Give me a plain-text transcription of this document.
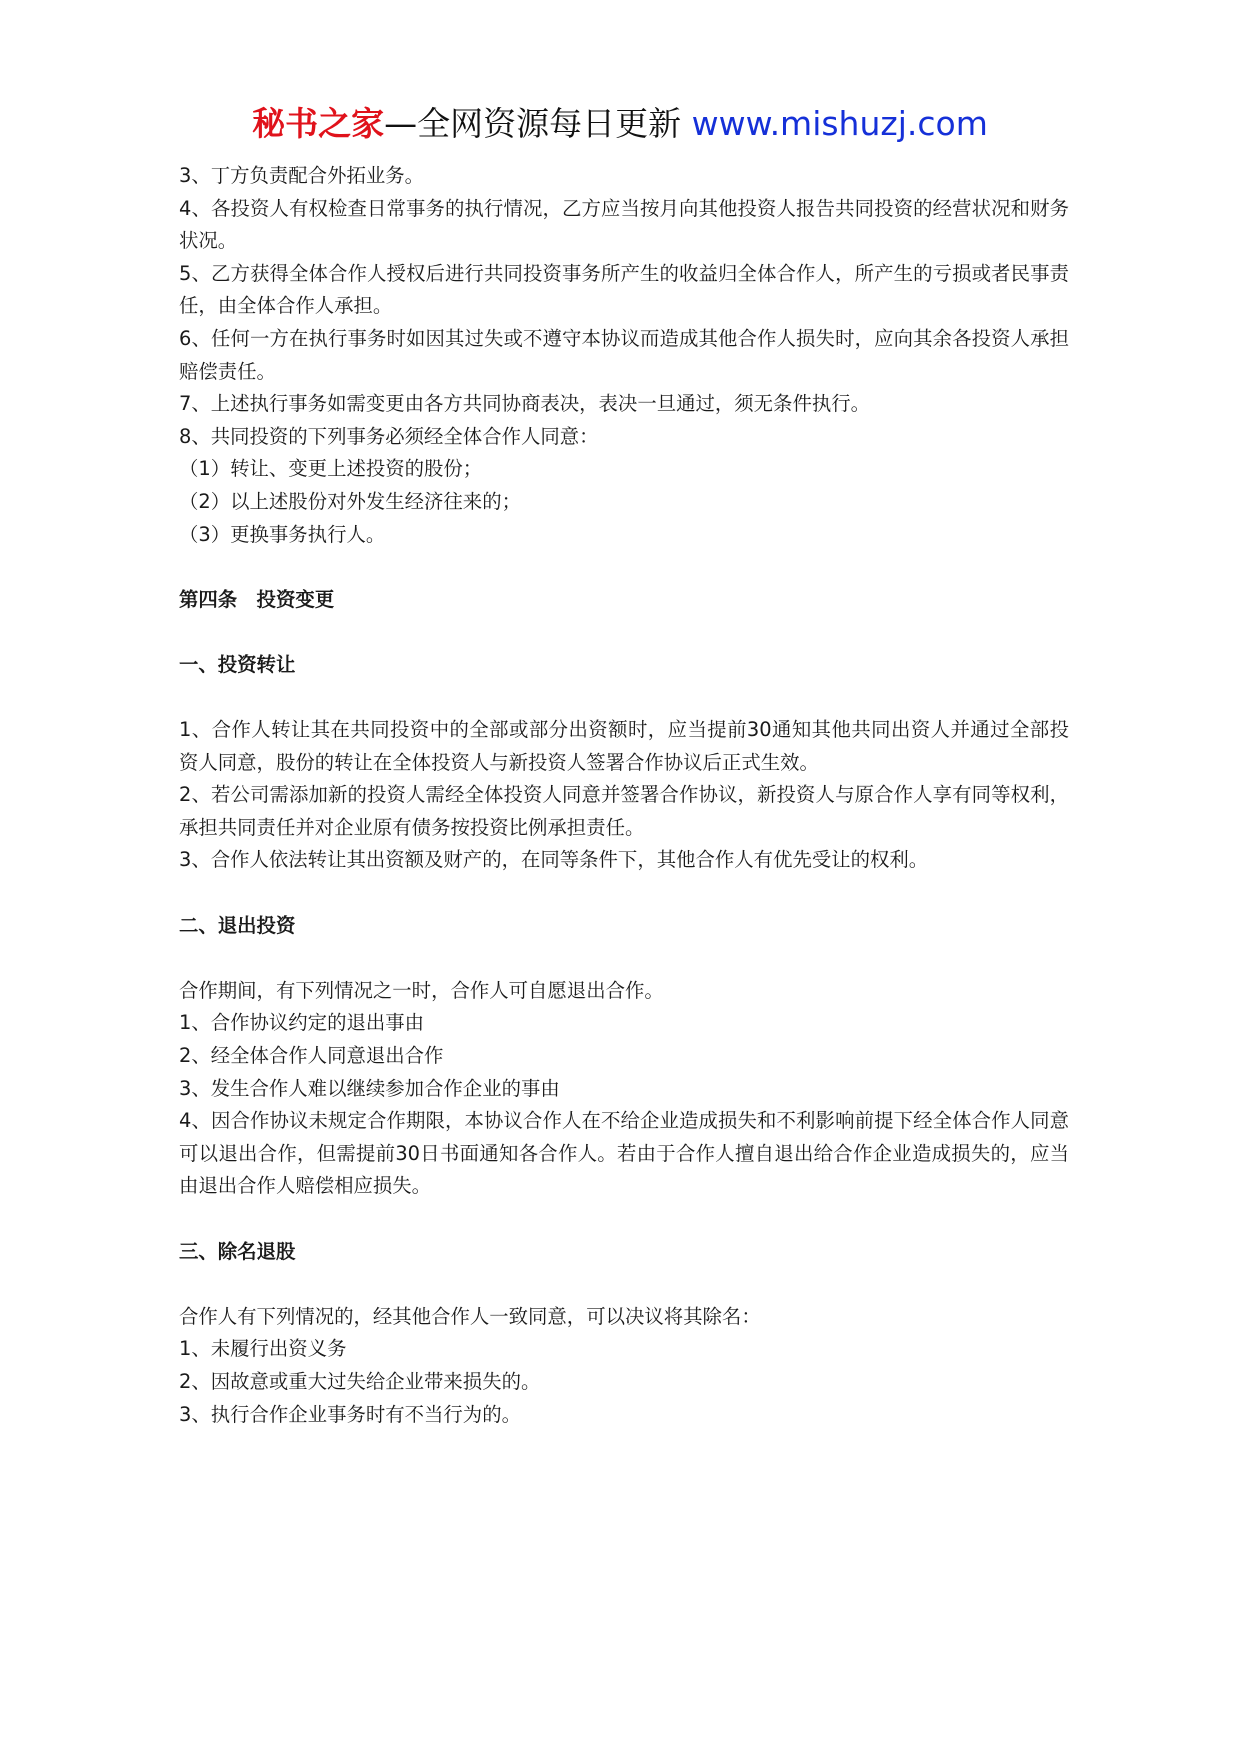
秘书之家—全网资源每日更新 www.mishuzj.com

3、丁方负责配合外拓业务。

4、各投资人有权检查日常事务的执行情况，乙方应当按月向其他投资人报告共同投资的经营状况和财务状况。

5、乙方获得全体合作人授权后进行共同投资事务所产生的收益归全体合作人，所产生的亏损或者民事责任，由全体合作人承担。

6、任何一方在执行事务时如因其过失或不遵守本协议而造成其他合作人损失时，应向其余各投资人承担赔偿责任。

7、上述执行事务如需变更由各方共同协商表决，表决一旦通过，须无条件执行。

8、共同投资的下列事务必须经全体合作人同意：

（1）转让、变更上述投资的股份；

（2）以上述股份对外发生经济往来的；

（3）更换事务执行人。

第四条　投资变更

一、投资转让

1、合作人转让其在共同投资中的全部或部分出资额时，应当提前30通知其他共同出资人并通过全部投资人同意，股份的转让在全体投资人与新投资人签署合作协议后正式生效。

2、若公司需添加新的投资人需经全体投资人同意并签署合作协议，新投资人与原合作人享有同等权利，承担共同责任并对企业原有债务按投资比例承担责任。

3、合作人依法转让其出资额及财产的，在同等条件下，其他合作人有优先受让的权利。

二、退出投资

合作期间，有下列情况之一时，合作人可自愿退出合作。

1、合作协议约定的退出事由

2、经全体合作人同意退出合作

3、发生合作人难以继续参加合作企业的事由

4、因合作协议未规定合作期限，本协议合作人在不给企业造成损失和不利影响前提下经全体合作人同意可以退出合作，但需提前30日书面通知各合作人。若由于合作人擅自退出给合作企业造成损失的，应当由退出合作人赔偿相应损失。

三、除名退股

合作人有下列情况的，经其他合作人一致同意，可以决议将其除名：

1、未履行出资义务

2、因故意或重大过失给企业带来损失的。

3、执行合作企业事务时有不当行为的。
